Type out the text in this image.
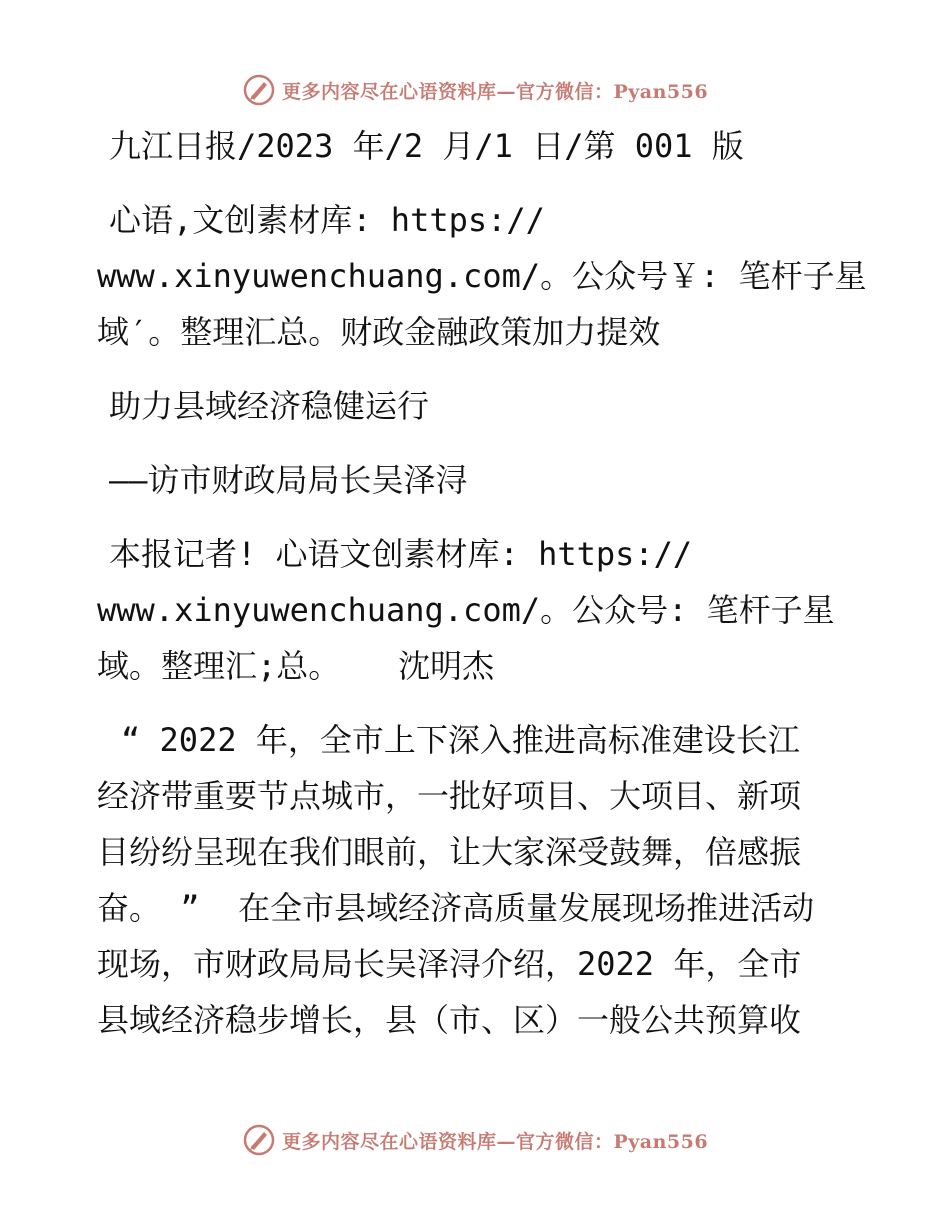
更多内容尽在心语资料库—官方微信：Pyan556
九江日报/2023 年/2 月/1 日/第 001 版
心语,文创素材库: https://
www.xinyuwenchuang.com/。公众号￥: 笔杆子星
域′。整理汇总。财政金融政策加力提效
助力县域经济稳健运行
——访市财政局局长吴泽浔
本报记者! 心语文创素材库: https://
www.xinyuwenchuang.com/。公众号: 笔杆子星
域。整理汇;总。   沈明杰
“ 2022 年，全市上下深入推进高标准建设长江
经济带重要节点城市，一批好项目、大项目、新项
目纷纷呈现在我们眼前，让大家深受鼓舞，倍感振
奋。 ”  在全市县域经济高质量发展现场推进活动
现场，市财政局局长吴泽浔介绍，2022 年，全市
县域经济稳步增长，县（市、区）一般公共预算收
更多内容尽在心语资料库—官方微信：Pyan556
